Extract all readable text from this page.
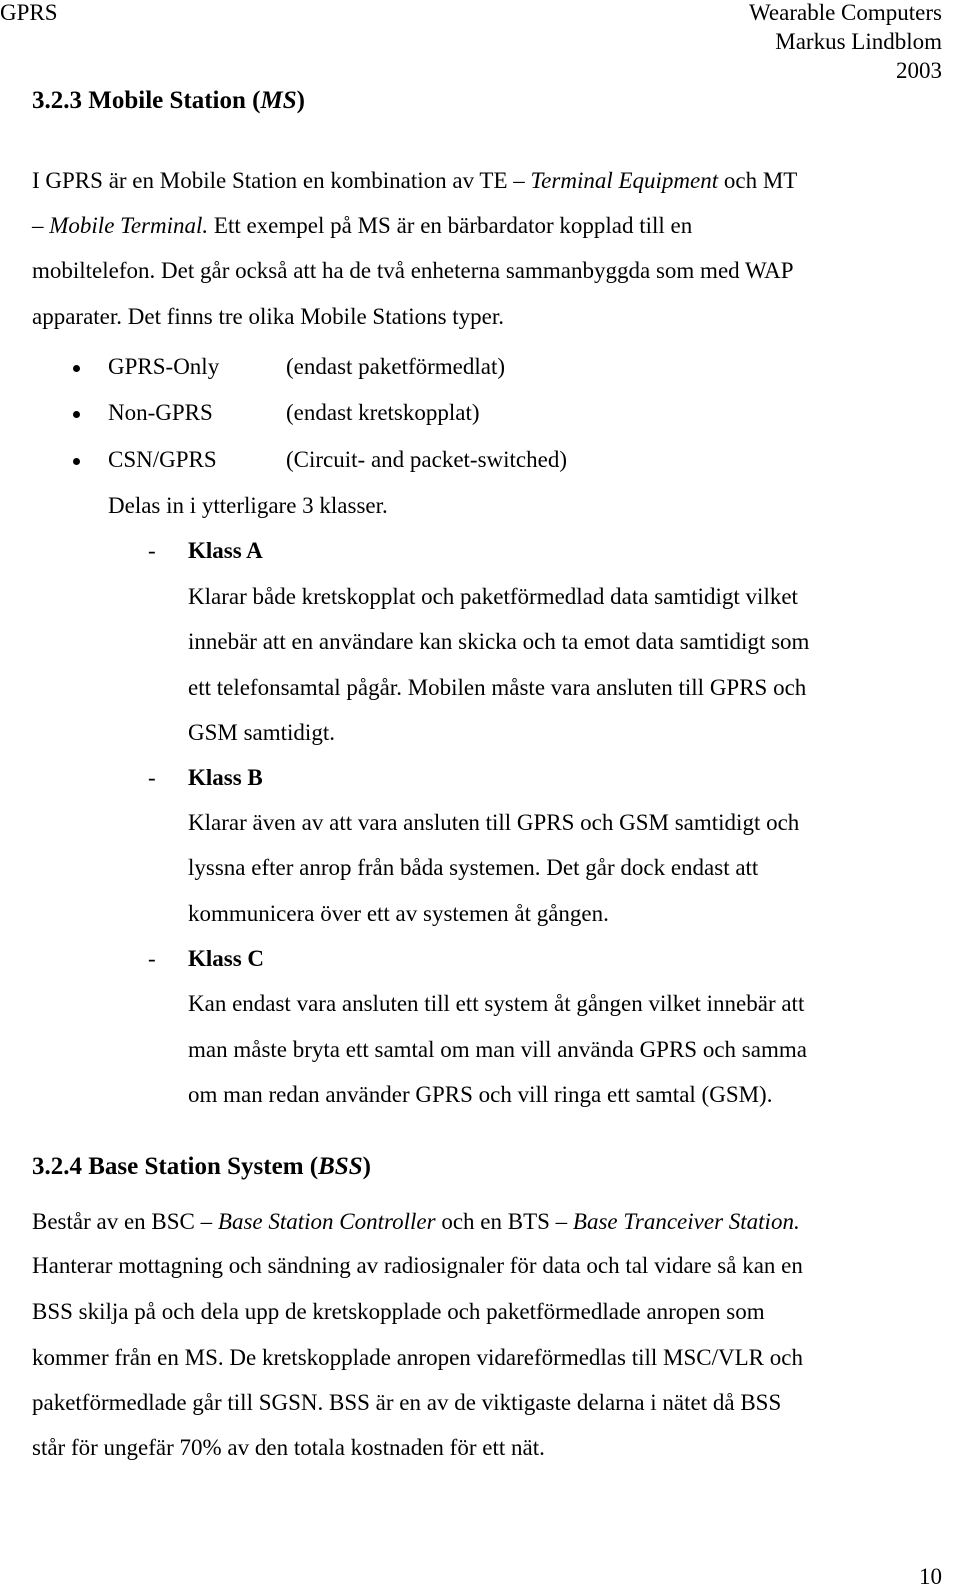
GPRS	Wearable Computers
Markus Lindblom
2003
3.2.3 Mobile Station (MS)
I GPRS är en Mobile Station en kombination av TE – Terminal Equipment och MT
– Mobile Terminal. Ett exempel på MS är en bärbardator kopplad till en
mobiltelefon. Det går också att ha de två enheterna sammanbyggda som med WAP
apparater. Det finns tre olika Mobile Stations typer.
GPRS-Only	(endast paketförmedlat)
Non-GPRS	(endast kretskopplat)
CSN/GPRS	(Circuit- and packet-switched)
Delas in i ytterligare 3 klasser.
- Klass A
Klarar både kretskopplat och paketförmedlad data samtidigt vilket
innebär att en användare kan skicka och ta emot data samtidigt som
ett telefonsamtal pågår. Mobilen måste vara ansluten till GPRS och
GSM samtidigt.
- Klass B
Klarar även av att vara ansluten till GPRS och GSM samtidigt och
lyssna efter anrop från båda systemen. Det går dock endast att
kommunicera över ett av systemen åt gången.
- Klass C
Kan endast vara ansluten till ett system åt gången vilket innebär att
man måste bryta ett samtal om man vill använda GPRS och samma
om man redan använder GPRS och vill ringa ett samtal (GSM).
3.2.4 Base Station System (BSS)
Består av en BSC – Base Station Controller och en BTS – Base Tranceiver Station.
Hanterar mottagning och sändning av radiosignaler för data och tal vidare så kan en
BSS skilja på och dela upp de kretskopplade och paketförmedlade anropen som
kommer från en MS. De kretskopplade anropen vidareförmedlas till MSC/VLR och
paketförmedlade går till SGSN. BSS är en av de viktigaste delarna i nätet då BSS
står för ungefär 70% av den totala kostnaden för ett nät.
10
